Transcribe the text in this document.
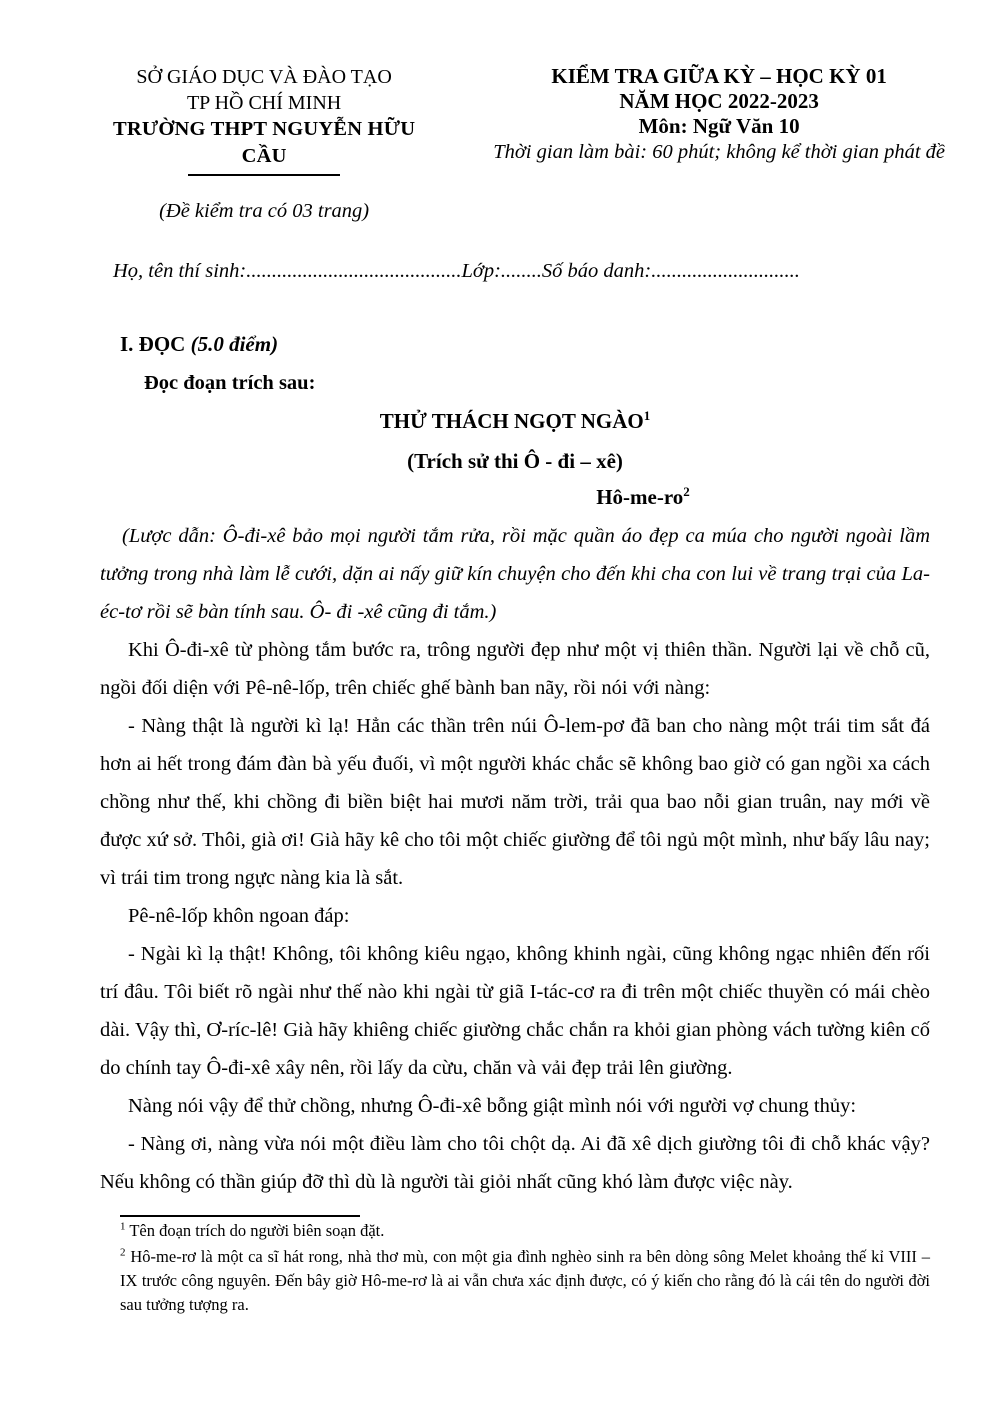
SỞ GIÁO DỤC VÀ ĐÀO TẠO
TP HỒ CHÍ MINH
TRƯỜNG THPT NGUYỄN HỮU CẦU
(Đề kiểm tra có 03 trang)
KIỂM TRA GIỮA KỲ – HỌC KỲ 01
NĂM HỌC 2022-2023
Môn: Ngữ Văn 10
Thời gian làm bài: 60 phút; không kể thời gian phát đề
Họ, tên thí sinh:..........................................Lớp:........Số báo danh:.............................
I. ĐỌC (5.0 điểm)
Đọc đoạn trích sau:
THỬ THÁCH NGỌT NGÀO$^1$
(Trích sử thi Ô - đi – xê)
$Hô-me-ro^2$

(Lược dẫn: Ô-đi-xê bảo mọi người tắm rửa, rồi mặc quần áo đẹp ca múa cho người ngoài lầm tưởng trong nhà làm lễ cưới, dặn ai nấy giữ kín chuyện cho đến khi cha con lui về trang trại của La-éc-tơ rồi sẽ bàn tính sau. Ô- đi -xê cũng đi tắm.)

Khi Ô-đi-xê từ phòng tắm bước ra, trông người đẹp như một vị thiên thần. Người lại về chỗ cũ, ngồi đối diện với Pê-nê-lốp, trên chiếc ghế bành ban nãy, rồi nói với nàng:

- Nàng thật là người kì lạ! Hẳn các thần trên núi Ô-lem-pơ đã ban cho nàng một trái tim sắt đá hơn ai hết trong đám đàn bà yếu đuối, vì một người khác chắc sẽ không bao giờ có gan ngồi xa cách chồng như thế, khi chồng đi biền biệt hai mươi năm trời, trải qua bao nỗi gian truân, nay mới về được xứ sở. Thôi, già ơi! Già hãy kê cho tôi một chiếc giường để tôi ngủ một mình, như bấy lâu nay; vì trái tim trong ngực nàng kia là sắt.

Pê-nê-lốp khôn ngoan đáp:

- Ngài kì lạ thật! Không, tôi không kiêu ngạo, không khinh ngài, cũng không ngạc nhiên đến rối trí đâu. Tôi biết rõ ngài như thế nào khi ngài từ giã I-tác-cơ ra đi trên một chiếc thuyền có mái chèo dài. Vậy thì, Ơ-ríc-lê! Già hãy khiêng chiếc giường chắc chắn ra khỏi gian phòng vách tường kiên cố do chính tay Ô-đi-xê xây nên, rồi lấy da cừu, chăn và vải đẹp trải lên giường.

Nàng nói vậy để thử chồng, nhưng Ô-đi-xê bỗng giật mình nói với người vợ chung thủy:

- Nàng ơi, nàng vừa nói một điều làm cho tôi chột dạ. Ai đã xê dịch giường tôi đi chỗ khác vậy? Nếu không có thần giúp đỡ thì dù là người tài giỏi nhất cũng khó làm được việc này.

$^1$ Tên đoạn trích do người biên soạn đặt.
$^2$ Hô-me-rơ là một ca sĩ hát rong, nhà thơ mù, con một gia đình nghèo sinh ra bên dòng sông Melet khoảng thế kỉ VIII – IX trước công nguyên. Đến bây giờ Hô-me-rơ là ai vẫn chưa xác định được, có ý kiến cho rằng đó là cái tên do người đời sau tưởng tượng ra.
